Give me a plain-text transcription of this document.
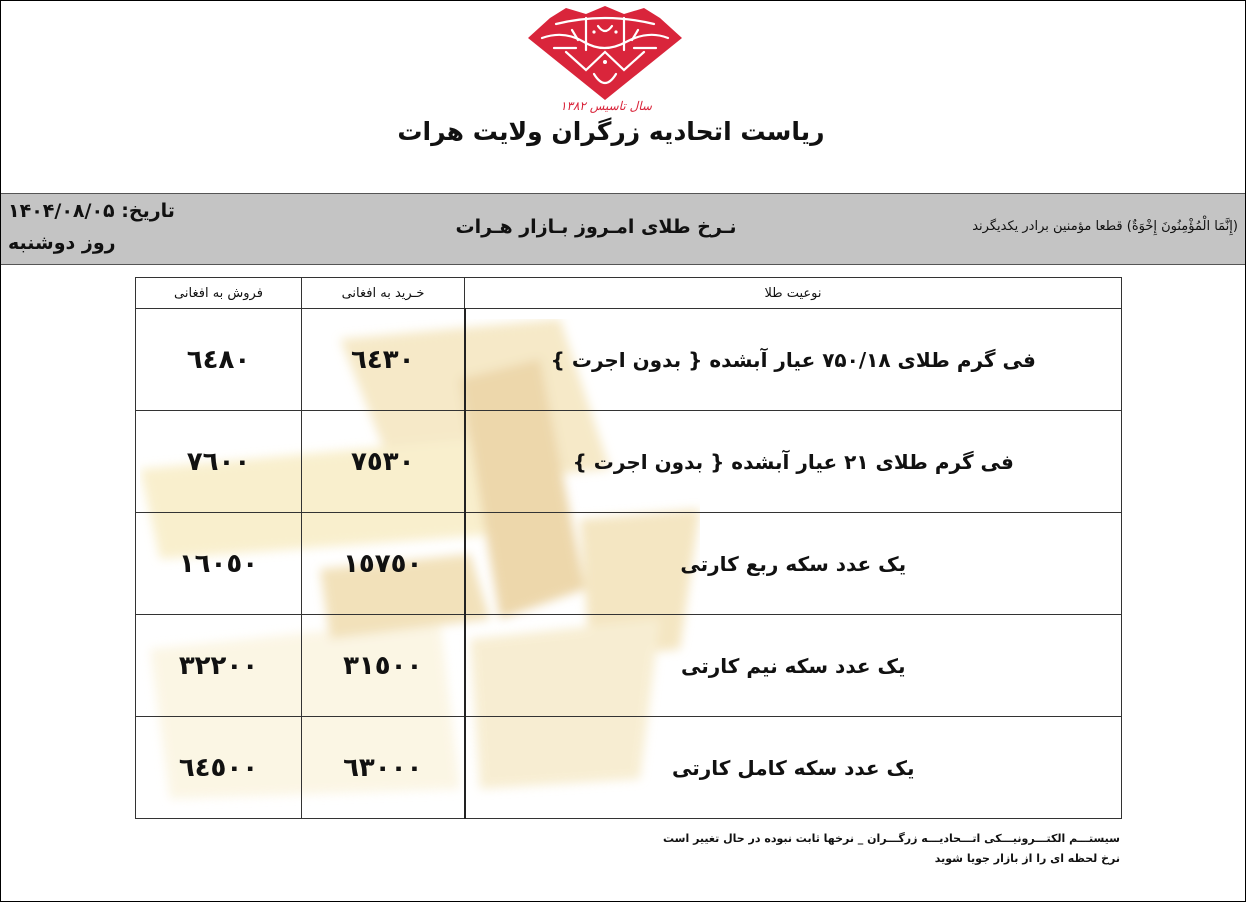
سال تاسیس ۱۳۸۲
ریاست اتحادیه زرگران ولایت هرات
تاریخ: ۱۴۰۴/۰۸/۰۵
روز دوشنبه
نـرخ طلای امـروز بـازار هـرات	(إِنَّمَا الْمُؤْمِنُونَ إِخْوَةٌ) قطعا مؤمنین برادر یکدیگرند
نوعیت طلا	خـرید به افغانی	فروش به افغانی
فی گرم طلای ۷۵۰/۱۸ عیار آبشده { بدون اجرت }	٦٤٣٠	٦٤٨٠
فی گرم طلای ۲۱ عیار آبشده { بدون اجرت }	٧٥٣٠	٧٦٠٠
یک عدد سکه ربع کارتی	١٥٧٥٠	١٦٠٥٠
یک عدد سکه نیم کارتی	٣١٥٠٠	٣٢٢٠٠
یک عدد سکه کامل کارتی	٦٣٠٠٠	٦٤٥٠٠
سیستـــم الکتـــرونیـــکی اتـــحادیـــه زرگـــران _ نرخها ثابت نبوده در حال تغییر است
نرخ لحظه ای را از بازار جویا شوید
